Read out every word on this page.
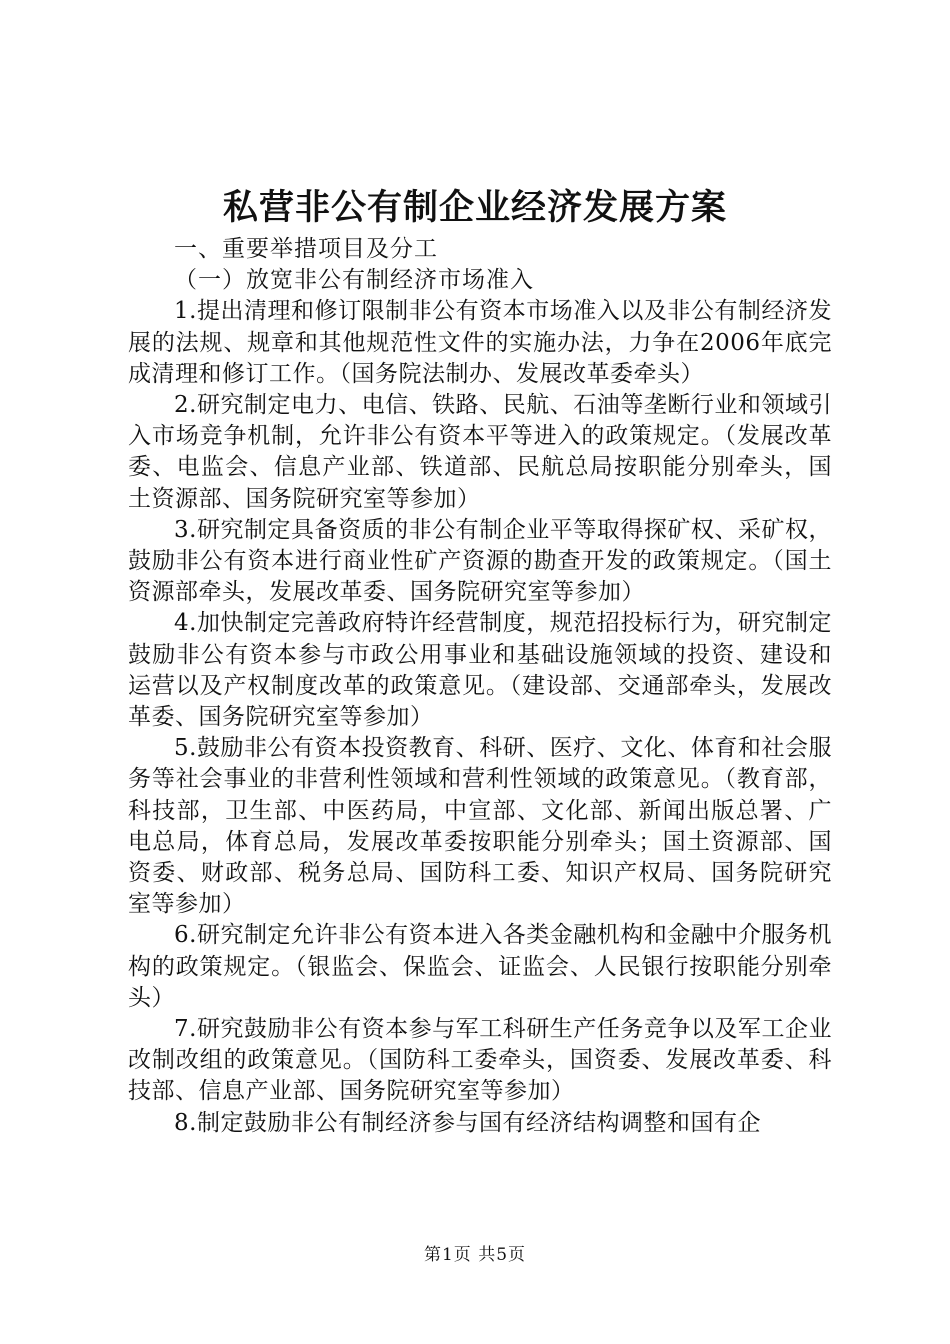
私营非公有制企业经济发展方案

一、重要举措项目及分工

（一）放宽非公有制经济市场准入

1.提出清理和修订限制非公有资本市场准入以及非公有制经济发展的法规、规章和其他规范性文件的实施办法，力争在2006年底完成清理和修订工作。（国务院法制办、发展改革委牵头）

2.研究制定电力、电信、铁路、民航、石油等垄断行业和领域引入市场竞争机制，允许非公有资本平等进入的政策规定。（发展改革委、电监会、信息产业部、铁道部、民航总局按职能分别牵头，国土资源部、国务院研究室等参加）

3.研究制定具备资质的非公有制企业平等取得探矿权、采矿权，鼓励非公有资本进行商业性矿产资源的勘查开发的政策规定。（国土资源部牵头，发展改革委、国务院研究室等参加）

4.加快制定完善政府特许经营制度，规范招投标行为，研究制定鼓励非公有资本参与市政公用事业和基础设施领域的投资、建设和运营以及产权制度改革的政策意见。（建设部、交通部牵头，发展改革委、国务院研究室等参加）

5.鼓励非公有资本投资教育、科研、医疗、文化、体育和社会服务等社会事业的非营利性领域和营利性领域的政策意见。（教育部，科技部，卫生部、中医药局，中宣部、文化部、新闻出版总署、广电总局，体育总局，发展改革委按职能分别牵头；国土资源部、国资委、财政部、税务总局、国防科工委、知识产权局、国务院研究室等参加）

6.研究制定允许非公有资本进入各类金融机构和金融中介服务机构的政策规定。（银监会、保监会、证监会、人民银行按职能分别牵头）

7.研究鼓励非公有资本参与军工科研生产任务竞争以及军工企业改制改组的政策意见。（国防科工委牵头，国资委、发展改革委、科技部、信息产业部、国务院研究室等参加）

8.制定鼓励非公有制经济参与国有经济结构调整和国有企

第1页 共5页
